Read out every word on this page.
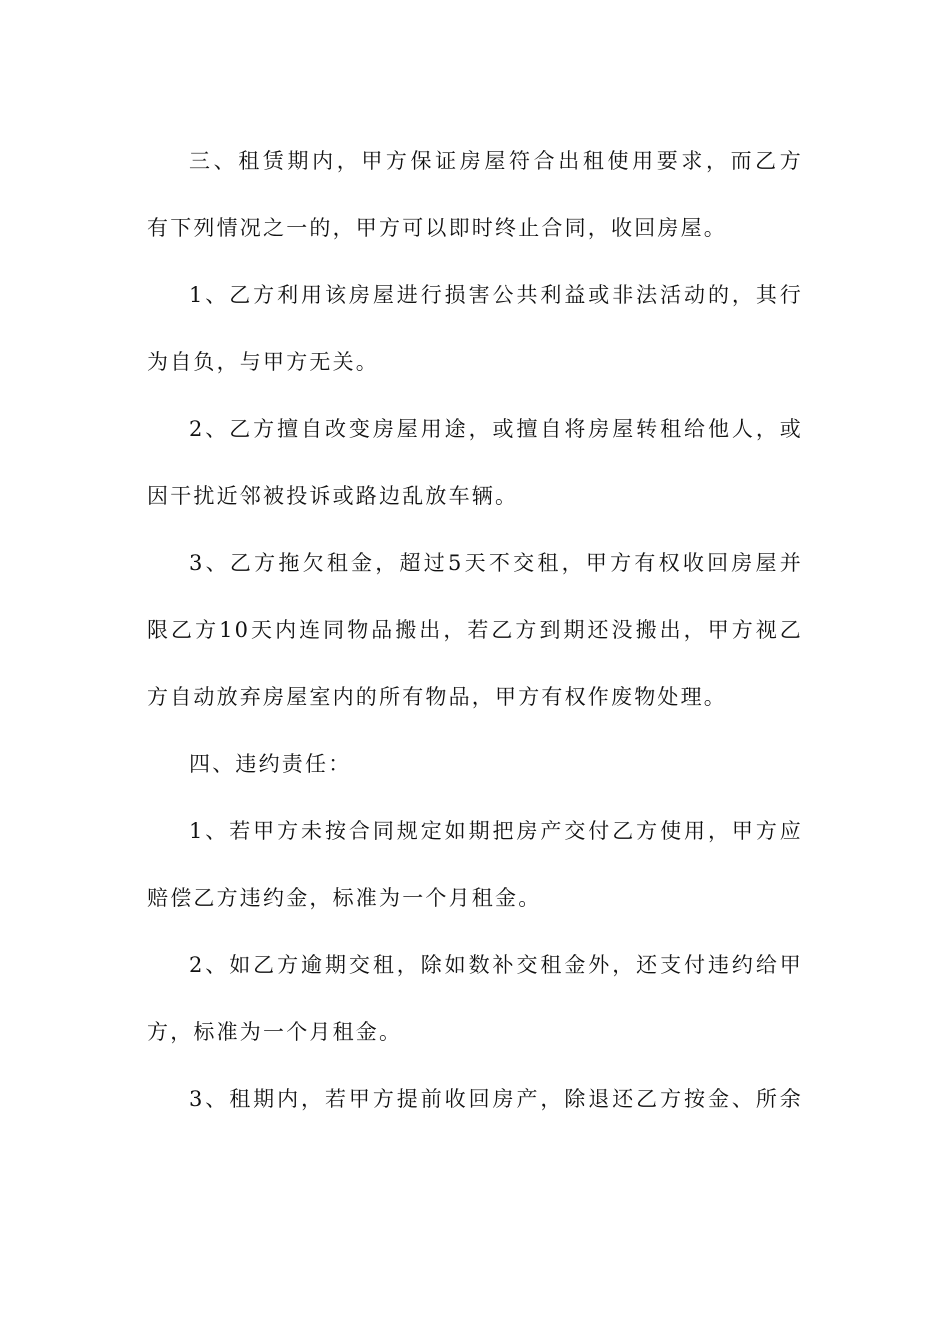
三、租赁期内，甲方保证房屋符合出租使用要求，而乙方
有下列情况之一的，甲方可以即时终止合同，收回房屋。

1、乙方利用该房屋进行损害公共利益或非法活动的，其行
为自负，与甲方无关。

2、乙方擅自改变房屋用途，或擅自将房屋转租给他人，或
因干扰近邻被投诉或路边乱放车辆。

3、乙方拖欠租金，超过5天不交租，甲方有权收回房屋并
限乙方10天内连同物品搬出，若乙方到期还没搬出，甲方视乙
方自动放弃房屋室内的所有物品，甲方有权作废物处理。

四、违约责任：

1、若甲方未按合同规定如期把房产交付乙方使用，甲方应
赔偿乙方违约金，标准为一个月租金。

2、如乙方逾期交租，除如数补交租金外，还支付违约给甲
方，标准为一个月租金。

3、租期内，若甲方提前收回房产，除退还乙方按金、所余
